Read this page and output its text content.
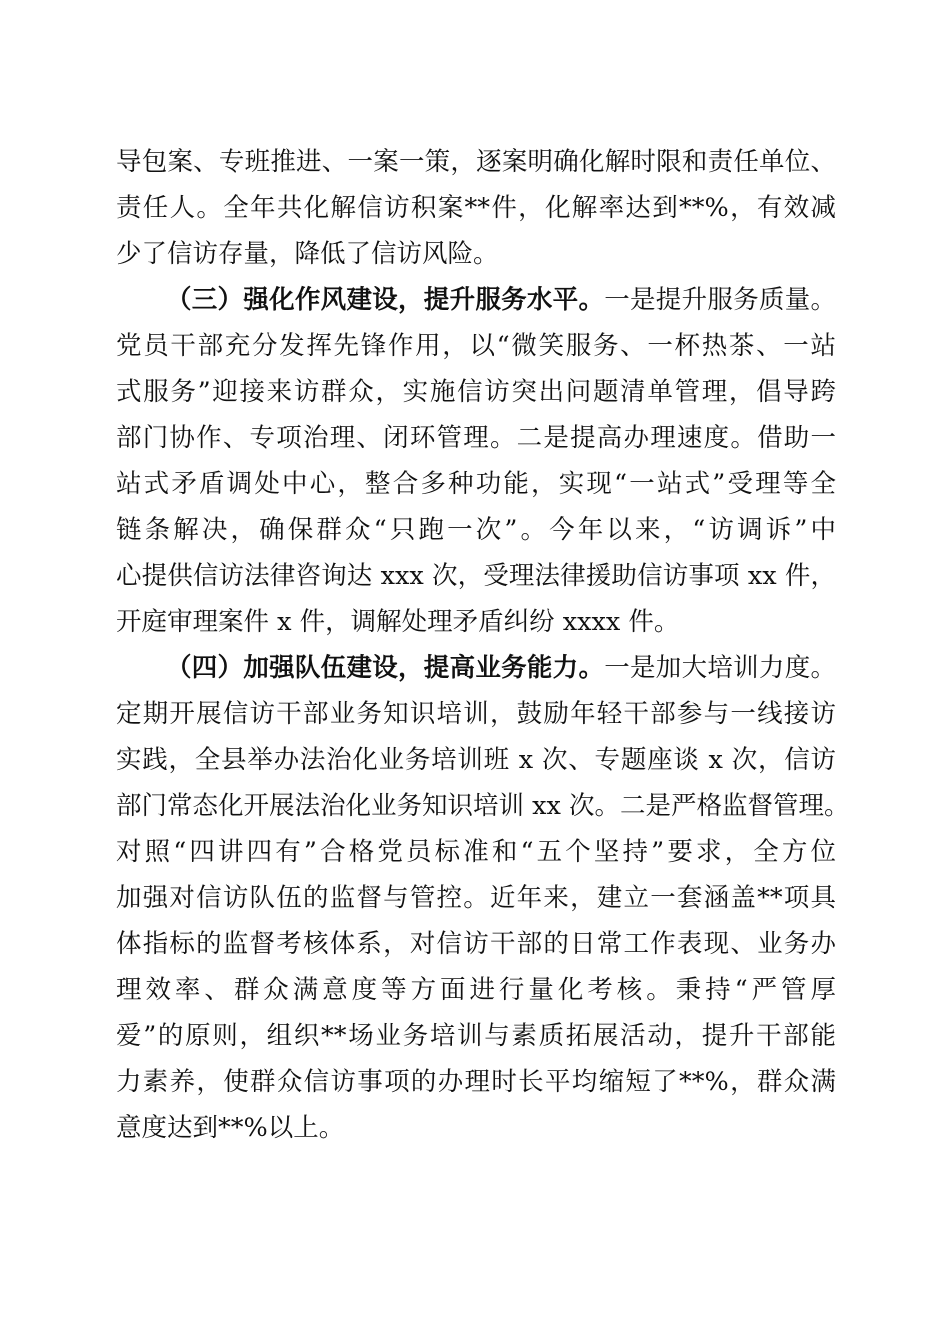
导包案、专班推进、一案一策，逐案明确化解时限和责任单位、
责任人。全年共化解信访积案**件，化解率达到**%，有效减
少了信访存量，降低了信访风险。
（三）强化作风建设，提升服务水平。一是提升服务质量。
党员干部充分发挥先锋作用，以“微笑服务、一杯热茶、一站
式服务”迎接来访群众，实施信访突出问题清单管理，倡导跨
部门协作、专项治理、闭环管理。二是提高办理速度。借助一
站式矛盾调处中心，整合多种功能，实现“一站式”受理等全
链条解决，确保群众“只跑一次”。今年以来，“访调诉”中
心提供信访法律咨询达 xxx 次，受理法律援助信访事项 xx 件，
开庭审理案件 x 件，调解处理矛盾纠纷 xxxx 件。
（四）加强队伍建设，提高业务能力。一是加大培训力度。
定期开展信访干部业务知识培训，鼓励年轻干部参与一线接访
实践，全县举办法治化业务培训班 x 次、专题座谈 x 次，信访
部门常态化开展法治化业务知识培训 xx 次。二是严格监督管理。
对照“四讲四有”合格党员标准和“五个坚持”要求，全方位
加强对信访队伍的监督与管控。近年来，建立一套涵盖**项具
体指标的监督考核体系，对信访干部的日常工作表现、业务办
理效率、群众满意度等方面进行量化考核。秉持“严管厚
爱”的原则，组织**场业务培训与素质拓展活动，提升干部能
力素养，使群众信访事项的办理时长平均缩短了**%，群众满
意度达到**%以上。
